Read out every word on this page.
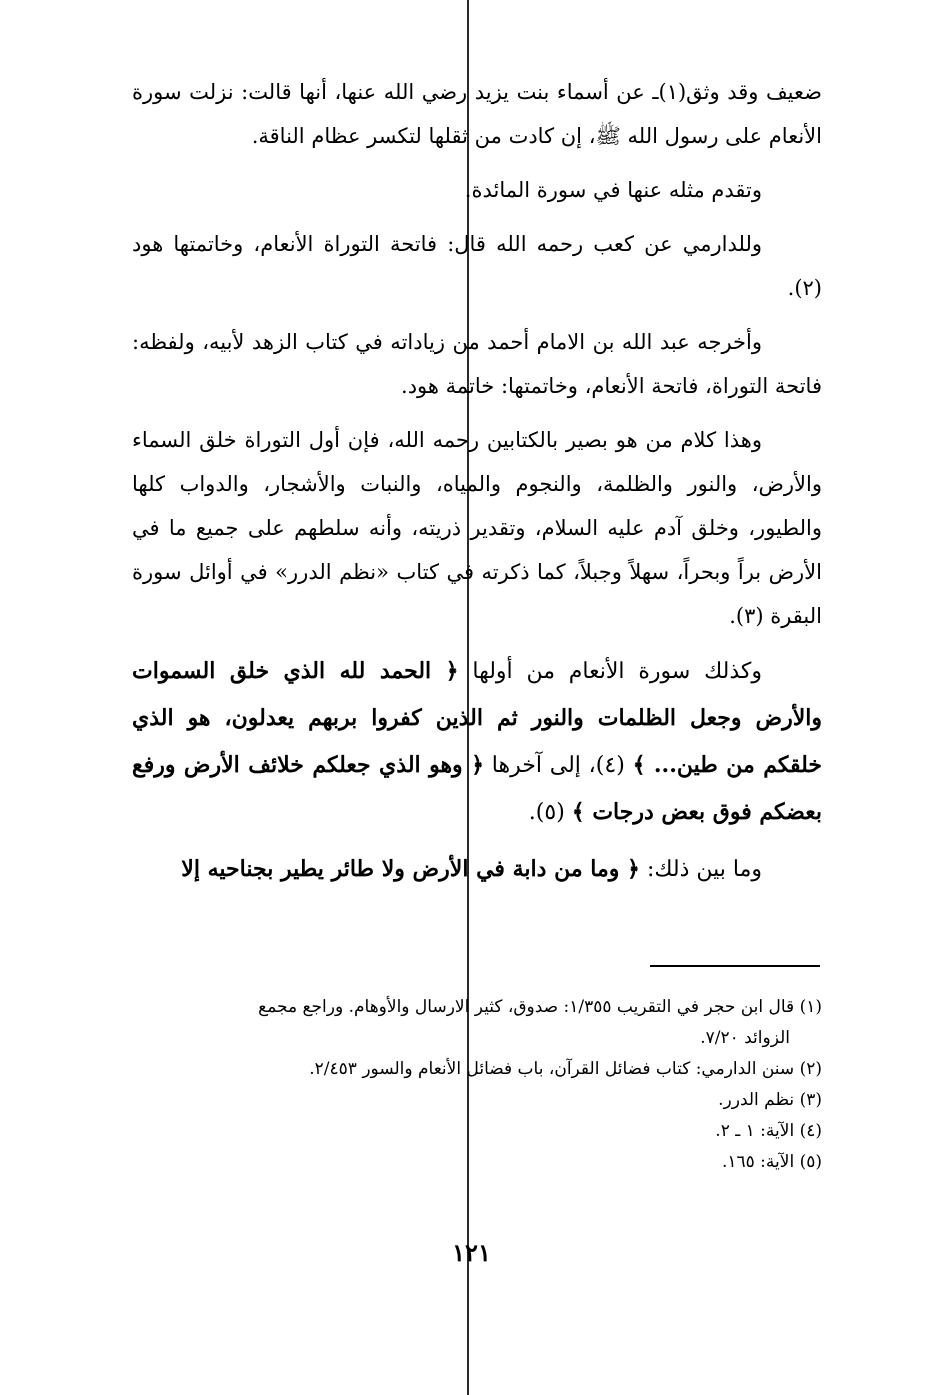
ضعيف وقد وثق(١)ـ عن أسماء بنت يزيد رضي الله عنها، أنها قالت: نزلت سورة الأنعام على رسول الله ﷺ، إن كادت من ثقلها لتكسر عظام الناقة.

وتقدم مثله عنها في سورة المائدة.

وللدارمي عن كعب رحمه الله قال: فاتحة التوراة الأنعام، وخاتمتها هود (٢).

وأخرجه عبد الله بن الامام أحمد من زياداته في كتاب الزهد لأبيه، ولفظه: فاتحة التوراة، فاتحة الأنعام، وخاتمتها: خاتمة هود.

وهذا كلام من هو بصير بالكتابين رحمه الله، فإن أول التوراة خلق السماء والأرض، والنور والظلمة، والنجوم والمياه، والنبات والأشجار، والدواب كلها والطيور، وخلق آدم عليه السلام، وتقدير ذريته، وأنه سلطهم على جميع ما في الأرض براً وبحراً، سهلاً وجبلاً، كما ذكرته في كتاب «نظم الدرر» في أوائل سورة البقرة (٣).

وكذلك سورة الأنعام من أولها ﴿ الحمد لله الذي خلق السموات والأرض وجعل الظلمات والنور ثم الذين كفروا بربهم يعدلون، هو الذي خلقكم من طين... ﴾ (٤)، إلى آخرها ﴿ وهو الذي جعلكم خلائف الأرض ورفع بعضكم فوق بعض درجات ﴾ (٥).

وما بين ذلك: ﴿ وما من دابة في الأرض ولا طائر يطير بجناحيه إلا

(١) قال ابن حجر في التقريب ١/٣٥٥: صدوق، كثير الارسال والأوهام. وراجع مجمع
الزوائد ٧/٢٠.

(٢) سنن الدارمي: كتاب فضائل القرآن، باب فضائل الأنعام والسور ٢/٤٥٣.

(٣) نظم الدرر.

(٤) الآية: ١ ـ ٢.

(٥) الآية: ١٦٥.

١٢١
